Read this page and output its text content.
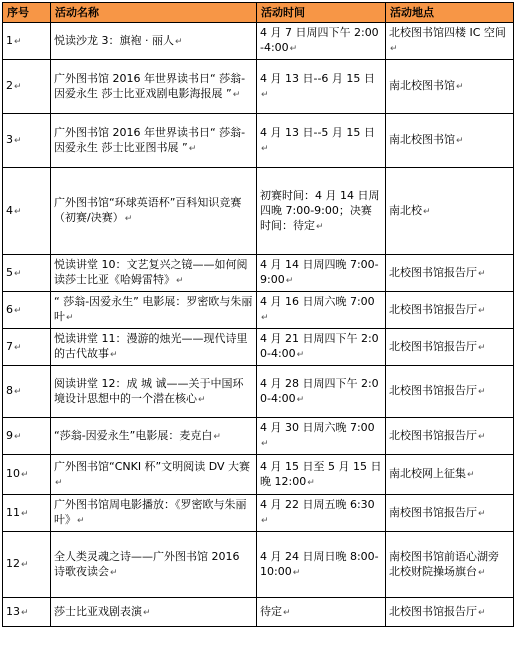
序号	活动名称	活动时间	活动地点
1↵	悦读沙龙 3：旗袍 · 丽人↵	4 月 7 日周四下午 2:00-4:00↵	北校图书馆四楼 IC 空间↵
2↵	广外图书馆 2016 年世界读书日“ 莎翁-因爱永生 莎士比亚戏剧电影海报展 ”↵	4 月 13 日--6 月 15 日↵	南北校图书馆↵
3↵	广外图书馆 2016 年世界读书日“ 莎翁-因爱永生 莎士比亚图书展 ”↵	4 月 13 日--5 月 15 日↵	南北校图书馆↵
4↵	广外图书馆“环球英语杯”百科知识竞赛（初赛/决赛）↵	初赛时间：4 月 14 日周四晚 7:00-9:00；决赛时间：待定↵	南北校↵
5↵	悦读讲堂 10：文艺复兴之镜——如何阅读莎士比亚《哈姆雷特》↵	4 月 14 日周四晚 7:00-9:00↵	北校图书馆报告厅↵
6↵	“ 莎翁-因爱永生” 电影展：罗密欧与朱丽叶↵	4 月 16 日周六晚 7:00↵	北校图书馆报告厅↵
7↵	悦读讲堂 11：漫游的烛光——现代诗里的古代故事↵	4 月 21 日周四下午 2:00-4:00↵	北校图书馆报告厅↵
8↵	阅读讲堂 12：成 城 诚——关于中国环境设计思想中的一个潜在核心↵	4 月 28 日周四下午 2:00-4:00↵	北校图书馆报告厅↵
9↵	“莎翁-因爱永生”电影展：麦克白↵	4 月 30 日周六晚 7:00↵	北校图书馆报告厅↵
10↵	广外图书馆“CNKI 杯”文明阅读 DV 大赛↵	4 月 15 日至 5 月 15 日晚 12:00↵	南北校网上征集↵
11↵	广外图书馆周电影播放：《罗密欧与朱丽叶》↵	4 月 22 日周五晚 6:30↵	南校图书馆报告厅↵
12↵	全人类灵魂之诗——广外图书馆 2016 诗歌夜读会↵	4 月 24 日周日晚 8:00-10:00↵	南校图书馆前语心湖旁 北校财院操场旗台↵
13↵	莎士比亚戏剧表演↵	待定↵	北校图书馆报告厅↵
